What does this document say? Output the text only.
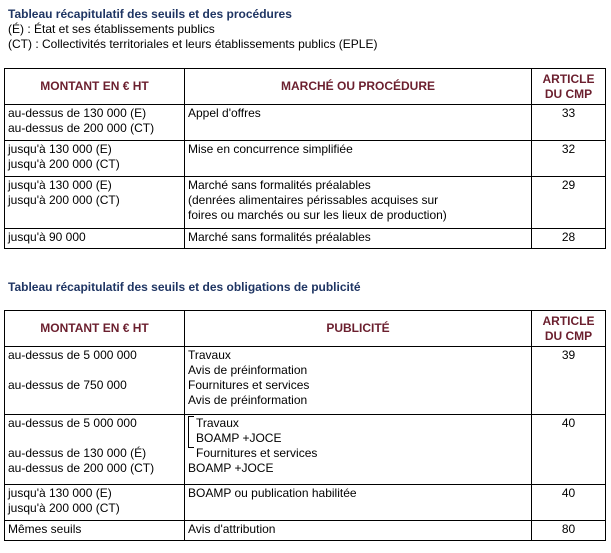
Tableau récapitulatif des seuils et des procédures
(É) : État et ses établissements publics
(CT) : Collectivités territoriales et leurs établissements publics (EPLE)
MONTANT EN € HT	MARCHÉ OU PROCÉDURE	ARTICLE
DU CMP

au-dessus de 130 000 (E)
au-dessus de 200 000 (CT)	Appel d'offres	33

jusqu'à 130 000 (E)
jusqu'à 200 000 (CT)	Mise en concurrence simplifiée	32

jusqu'à 130 000 (E)
jusqu'à 200 000 (CT)	Marché sans formalités préalables
(denrées alimentaires périssables acquises sur
foires ou marchés ou sur les lieux de production)	29

jusqu'à 90 000	Marché sans formalités préalables	28
Tableau récapitulatif des seuils et des obligations de publicité
MONTANT EN € HT	PUBLICITÉ	ARTICLE
DU CMP

au-dessus de 5 000 000
au-dessus de 750 000	Travaux
Avis de préinformation
Fournitures et services
Avis de préinformation	39

au-dessus de 5 000 000
au-dessus de 130 000 (É)
au-dessus de 200 000 (CT)	Travaux
BOAMP +JOCE
Fournitures et services
BOAMP +JOCE	40

jusqu'à 130 000 (E)
jusqu'à 200 000 (CT)	BOAMP ou publication habilitée	40

Mêmes seuils	Avis d'attribution	80
